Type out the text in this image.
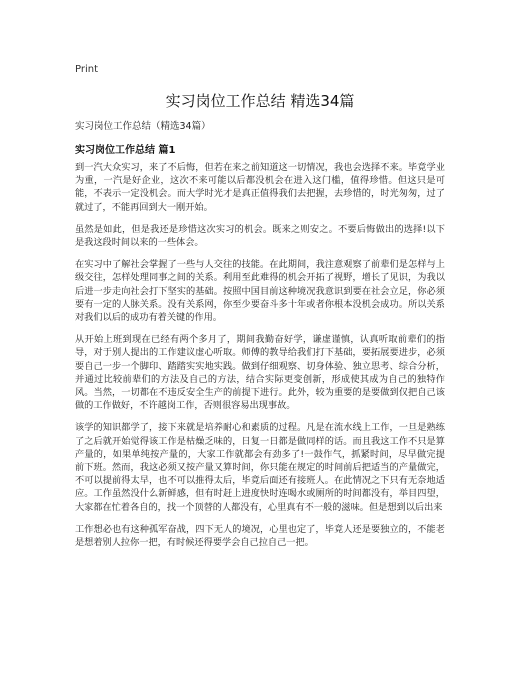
Print
实习岗位工作总结 精选34篇
实习岗位工作总结（精选34篇）
实习岗位工作总结 篇1

到一汽大众实习，来了不后悔，但若在来之前知道这一切情况，我也会选择不来。毕竟学业为重，一汽是好企业，这次不来可能以后都没机会在进入这门槛，值得珍惜。但这只是可能，不表示一定没机会。而大学时光才是真正值得我们去把握，去珍惜的，时光匆匆，过了就过了，不能再回到大一刚开始。

虽然是如此，但是我还是珍惜这次实习的机会。既来之则安之。不要后悔做出的选择!以下是我这段时间以来的一些体会。

在实习中了解社会掌握了一些与人交往的技能。在此期间，我注意观察了前辈们是怎样与上级交往，怎样处理同事之间的关系。利用至此难得的机会开拓了视野，增长了见识，为我以后进一步走向社会打下坚实的基础。按照中国目前这种境况我意识到要在社会立足，你必须要有一定的人脉关系。没有关系网，你至少要奋斗多十年或者你根本没机会成功。所以关系对我们以后的成功有着关键的作用。

从开始上班到现在已经有两个多月了，期间我勤奋好学，谦虚谨慎，认真听取前辈们的指导，对于别人提出的工作建议虚心听取。师傅的教导给我们打下基础，要拓展要进步，必须要自己一步一个脚印、踏踏实实地实践。做到仔细观察、切身体验、独立思考、综合分析，并通过比较前辈们的方法及自己的方法，结合实际更变创新，形成使其成为自己的独特作风。当然，一切都在不违反安全生产的前提下进行。此外，较为重要的是要做到仅把自己该做的工作做好，不许越岗工作，否则很容易出现事故。

该学的知识都学了，接下来就是培养耐心和素质的过程。凡是在流水线上工作，一旦是熟练了之后就开始觉得该工作是枯燥乏味的，日复一日都是做同样的话。而且我这工作不只是算产量的，如果单纯按产量的，大家工作就都会有劲多了!一鼓作气，抓紧时间，尽早做完提前下班。然而，我这必须又按产量又算时间，你只能在规定的时间前后把适当的产量做完，不可以提前得太早，也不可以推得太后，毕竟后面还有接班人。在此情况之下只有无奈地适应。工作虽然没什么新鲜感，但有时赶上进度快时连喝水或厕所的时间都没有，举目四望，大家都在忙着各自的，找一个顶替的人都没有，心里真有不一般的滋味。但是想到以后出来

工作想必也有这种孤军奋战，四下无人的境况，心里也定了，毕竟人还是要独立的，不能老是想着别人拉你一把，有时候还得要学会自己拉自己一把。
